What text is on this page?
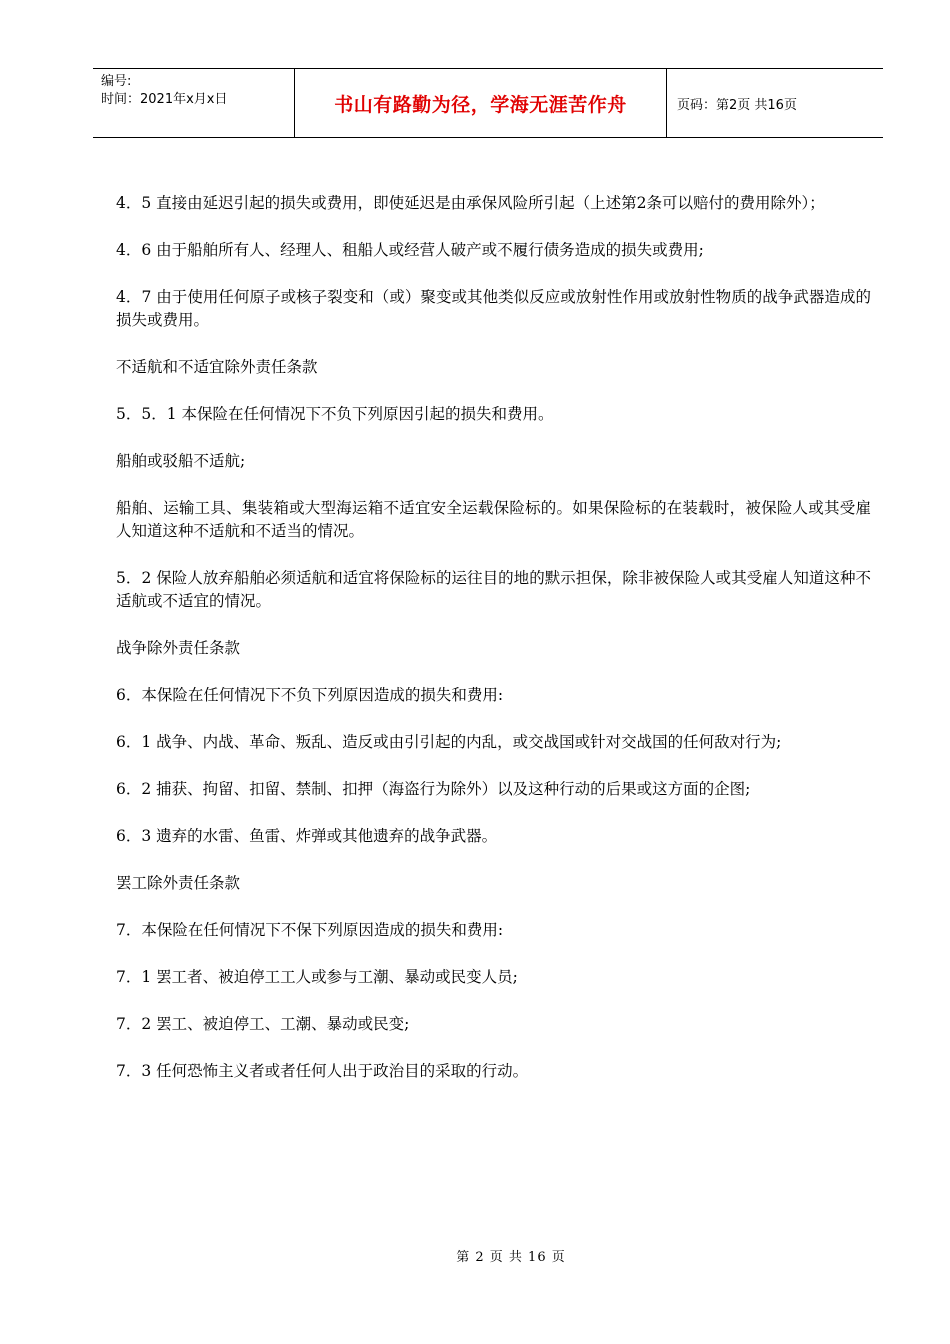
编号:
时间：2021年x月x日	书山有路勤为径，学海无涯苦作舟	页码：第2页 共16页

4．5 直接由延迟引起的损失或费用，即使延迟是由承保风险所引起（上述第2条可以赔付的费用除外）；

4．6 由于船舶所有人、经理人、租船人或经营人破产或不履行债务造成的损失或费用;

4．7 由于使用任何原子或核子裂变和（或）聚变或其他类似反应或放射性作用或放射性物质的战争武器造成的损失或费用。

不适航和不适宜除外责任条款

5．5．1 本保险在任何情况下不负下列原因引起的损失和费用。

船舶或驳船不适航;

船舶、运输工具、集装箱或大型海运箱不适宜安全运载保险标的。如果保险标的在装载时，被保险人或其受雇人知道这种不适航和不适当的情况。

5．2 保险人放弃船舶必须适航和适宜将保险标的运往目的地的默示担保，除非被保险人或其受雇人知道这种不适航或不适宜的情况。

战争除外责任条款

6．本保险在任何情况下不负下列原因造成的损失和费用:

6．1 战争、内战、革命、叛乱、造反或由引引起的内乱，或交战国或针对交战国的任何敌对行为;

6．2 捕获、拘留、扣留、禁制、扣押（海盗行为除外）以及这种行动的后果或这方面的企图;

6．3 遗弃的水雷、鱼雷、炸弹或其他遗弃的战争武器。

罢工除外责任条款

7．本保险在任何情况下不保下列原因造成的损失和费用:

7．1 罢工者、被迫停工工人或参与工潮、暴动或民变人员;

7．2 罢工、被迫停工、工潮、暴动或民变;

7．3 任何恐怖主义者或者任何人出于政治目的采取的行动。

第 2 页 共 16 页
